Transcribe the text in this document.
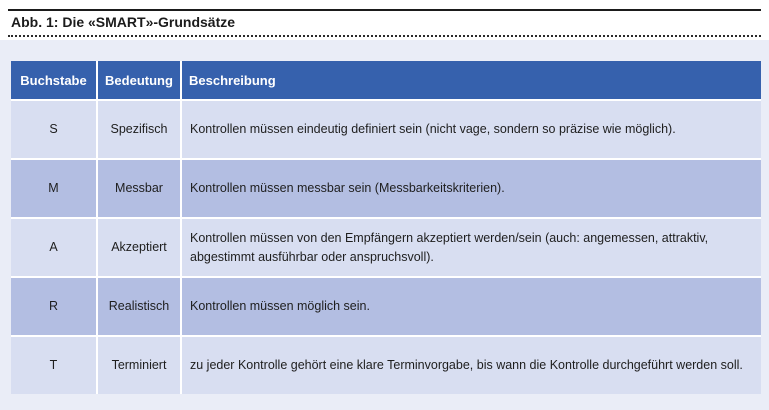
Abb. 1: Die «SMART»-Grundsätze
Buchstabe	Bedeutung	Beschreibung
S	Spezifisch	Kontrollen müssen eindeutig definiert sein (nicht vage, sondern so präzise wie möglich).
M	Messbar	Kontrollen müssen messbar sein (Messbarkeitskriterien).
A	Akzeptiert	Kontrollen müssen von den Empfängern akzeptiert werden/sein (auch: angemessen, attraktiv, abgestimmt ausführbar oder anspruchsvoll).
R	Realistisch	Kontrollen müssen möglich sein.
T	Terminiert	zu jeder Kontrolle gehört eine klare Terminvorgabe, bis wann die Kontrolle durchgeführt werden soll.
